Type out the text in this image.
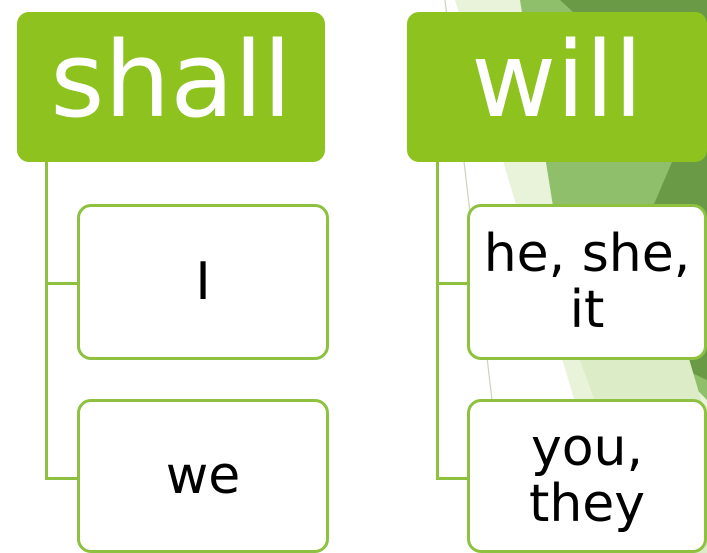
shall
I
we
will
he, she, it
you, they
